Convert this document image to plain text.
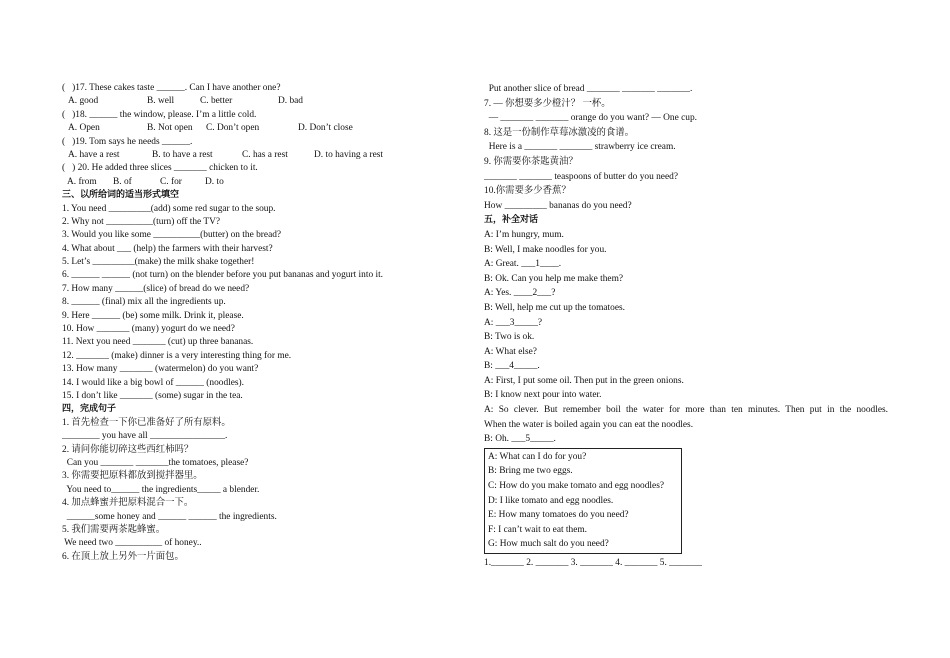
(   )17. These cakes taste ______. Can I have another one?
A. good	B. well	C. better	D. bad
(   )18. ______ the window, please. I’m a little cold.
A. Open	B. Not open C. Don’t open	D. Don’t close
(   )19. Tom says he needs ______.
A. have a rest	B. to have a rest	C. has a rest	D. to having a rest
(   ) 20. He added three slices _______ chicken to it.
A. from B. of	C. for D. to
三、以所给词的适当形式填空
1. You need _________(add) some red sugar to the soup.
2. Why not __________(turn) off the TV?
3. Would you like some __________(butter) on the bread?
4. What about ___ (help) the farmers with their harvest?
5. Let’s _________(make) the milk shake together!
6. ______ ______ (not turn) on the blender before you put bananas and yogurt into it.
7. How many ______(slice) of bread do we need?
8. ______ (final) mix all the ingredients up.
9. Here ______ (be) some milk. Drink it, please.
10. How _______ (many) yogurt do we need?
11. Next you need _______ (cut) up three bananas.
12. _______ (make) dinner is a very interesting thing for me.
13. How many _______ (watermelon) do you want?
14. I would like a big bowl of ______ (noodles).
15. I don’t like _______ (some) sugar in the tea.
四，完成句子
1. 首先检查一下你已准备好了所有原料。
________ you have all ________________.
2. 请问你能切碎这些西红柿吗？
Can you _______ _______the tomatoes, please?
3. 你需要把原料都放到搅拌器里。
You need to______ the ingredients_____ a blender.
4. 加点蜂蜜并把原料混合一下。
______some honey and ______ ______ the ingredients.
5. 我们需要两茶匙蜂蜜。
We need two __________ of honey..
6. 在顶上放上另外一片面包。
Put another slice of bread _______ _______ _______.
7. — 你想要多少橙汁？ 一杯。
— _______ _______ orange do you want? — One cup.
8. 这是一份制作草莓冰激凌的食谱。
Here is a _______ _______ strawberry ice cream.
9. 你需要你茶匙黄油？
_______ _______ teaspoons of butter do you need?
10.你需要多少香蕉？
How _________ bananas do you need?
五，补全对话
A: I’m hungry, mum.
B: Well, I make noodles for you.
A: Great. ___1____.
B: Ok. Can you help me make them?
A: Yes. ____2___?
B: Well, help me cut up the tomatoes.
A: ___3_____?
B: Two is ok.
A: What else?
B: ___4_____.
A: First, I put some oil. Then put in the green onions.
B: I know next pour into water.
A: So clever. But remember boil the water for more than ten minutes. Then put in the noodles.
When the water is boiled again you can eat the noodles.
B: Oh. ___5_____.
A: What can I do for you?
B: Bring me two eggs.
C: How do you make tomato and egg noodles?
D: I like tomato and egg noodles.
E: How many tomatoes do you need?
F: I can’t wait to eat them.
G: How much salt do you need?
1._______ 2. _______ 3. _______ 4. _______ 5. _______
